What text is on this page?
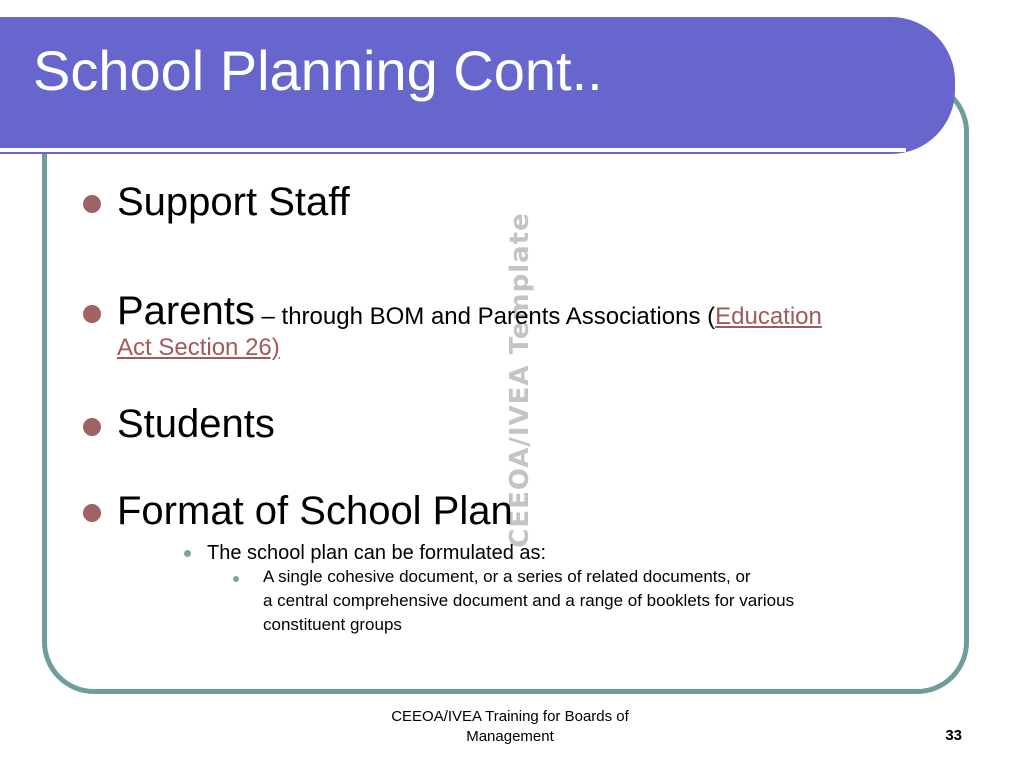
School Planning Cont..
CEEOA/IVEA Template
Support Staff
Parents – through BOM and Parents Associations (Education
Act Section 26)
Students
Format of School Plan
The school plan can be formulated as:
A single cohesive document, or a series of related documents, or
a central comprehensive document and a range of booklets for various
constituent groups
CEEOA/IVEA Training for Boards of
Management	33
